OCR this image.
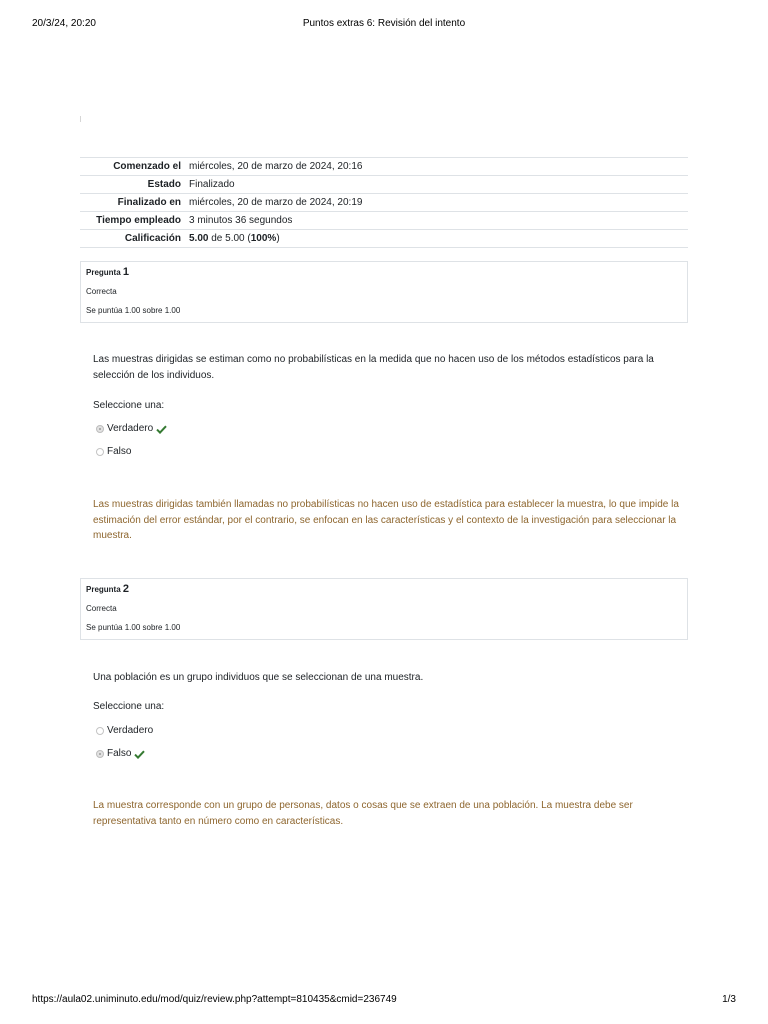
20/3/24, 20:20	Puntos extras 6: Revisión del intento
Comenzado el	miércoles, 20 de marzo de 2024, 20:16
Estado	Finalizado
Finalizado en	miércoles, 20 de marzo de 2024, 20:19
Tiempo empleado	3 minutos 36 segundos
Calificación	5.00 de 5.00 (100%)
Pregunta 1
Correcta
Se puntúa 1.00 sobre 1.00
Las muestras dirigidas se estiman como no probabilísticas en la medida que no hacen uso de los métodos estadísticos para la selección de los individuos.
Seleccione una:
Verdadero
Falso
Las muestras dirigidas también llamadas no probabilísticas no hacen uso de estadística para establecer la muestra, lo que impide la estimación del error estándar, por el contrario, se enfocan en las características y el contexto de la investigación para seleccionar la muestra.
Pregunta 2
Correcta
Se puntúa 1.00 sobre 1.00
Una población es un grupo individuos que se seleccionan de una muestra.
Seleccione una:
Verdadero
Falso
La muestra corresponde con un grupo de personas, datos o cosas que se extraen de una población. La muestra debe ser representativa tanto en número como en características.
https://aula02.uniminuto.edu/mod/quiz/review.php?attempt=810435&cmid=236749	1/3
